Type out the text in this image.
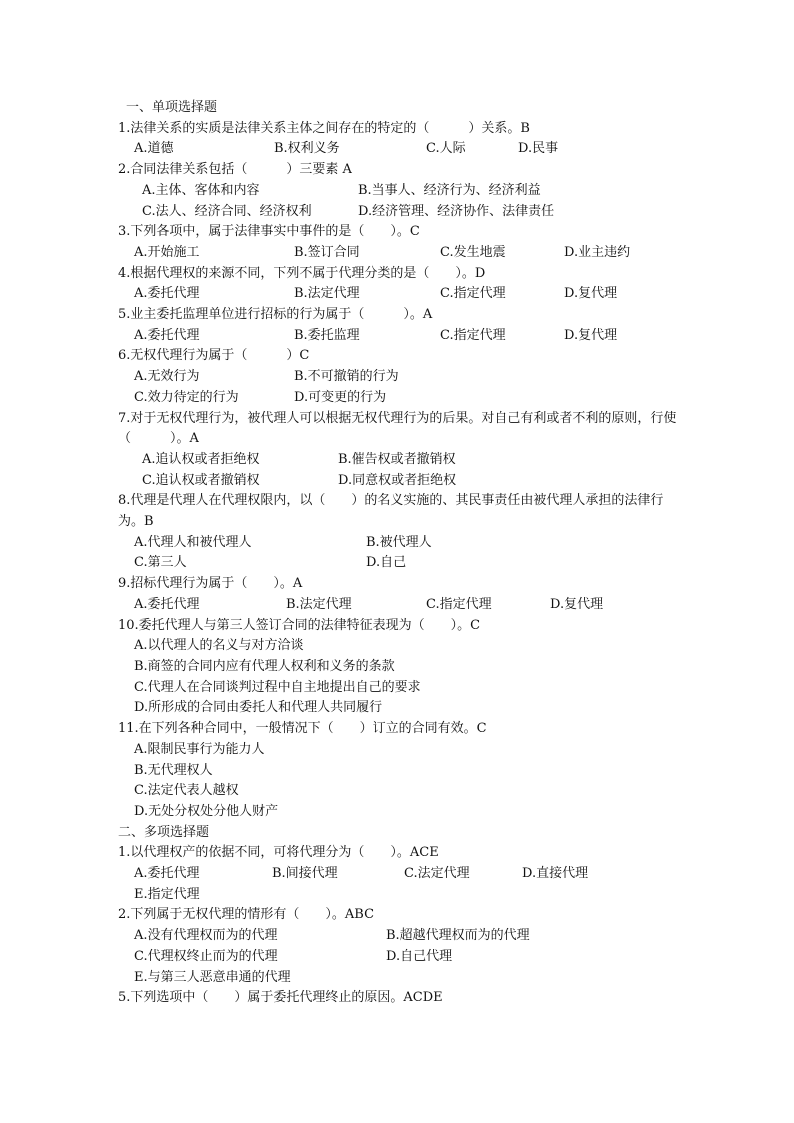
一、单项选择题

1.法律关系的实质是法律关系主体之间存在的特定的（　　　）关系。B

A.道德	B.权利义务	C.人际	D.民事

2.合同法律关系包括（　　　）三要素 A

A.主体、客体和内容	B.当事人、经济行为、经济利益
C.法人、经济合同、经济权利	D.经济管理、经济协作、法律责任

3.下列各项中，属于法律事实中事件的是（　　）。C

A.开始施工	B.签订合同	C.发生地震	D.业主违约

4.根据代理权的来源不同，下列不属于代理分类的是（　　）。D

A.委托代理	B.法定代理	C.指定代理	D.复代理

5.业主委托监理单位进行招标的行为属于（　　　）。A

A.委托代理	B.委托监理	C.指定代理	D.复代理

6.无权代理行为属于（　　　）C

A.无效行为	B.不可撤销的行为
C.效力待定的行为	D.可变更的行为

7.对于无权代理行为，被代理人可以根据无权代理行为的后果。对自己有利或者不利的原则，行使（　　　）。A

A.追认权或者拒绝权	B.催告权或者撤销权
C.追认权或者撤销权	D.同意权或者拒绝权

8.代理是代理人在代理权限内，以（　　）的名义实施的、其民事责任由被代理人承担的法律行为。B

A.代理人和被代理人	B.被代理人
C.第三人	D.自己

9.招标代理行为属于（　　）。A

A.委托代理	B.法定代理	C.指定代理	D.复代理

10.委托代理人与第三人签订合同的法律特征表现为（　　）。C

A.以代理人的名义与对方洽谈
B.商签的合同内应有代理人权利和义务的条款
C.代理人在合同谈判过程中自主地提出自己的要求
D.所形成的合同由委托人和代理人共同履行

11.在下列各种合同中，一般情况下（　　）订立的合同有效。C

A.限制民事行为能力人
B.无代理权人
C.法定代表人越权
D.无处分权处分他人财产

二、多项选择题

1.以代理权产的依据不同，可将代理分为（　　）。ACE

A.委托代理	B.间接代理	C.法定代理	D.直接代理
E.指定代理

2.下列属于无权代理的情形有（　　）。ABC

A.没有代理权而为的代理	B.超越代理权而为的代理
C.代理权终止而为的代理	D.自己代理
E.与第三人恶意串通的代理

5.下列选项中（　　）属于委托代理终止的原因。ACDE
